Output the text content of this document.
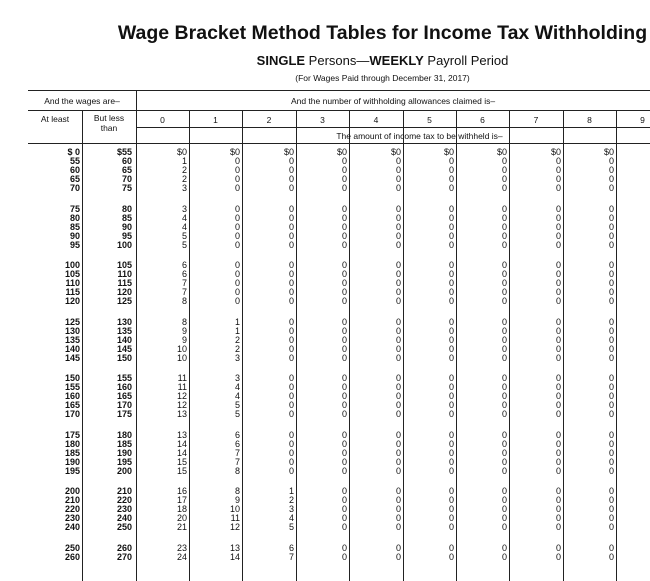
Wage Bracket Method Tables for Income Tax Withholding
SINGLE Persons—WEEKLY Payroll Period
(For Wages Paid through December 31, 2017)
And the wages are–	And the number of withholding allowances claimed is–
At least	But less
than
0	1	2	3	4	5	6	7	8	9
The amount of income tax to be withheld is–
$ 0	$55	$0	$0	$0	$0	$0	$0	$0	$0	$0
55	60	1	0	0	0	0	0	0	0	0
60	65	2	0	0	0	0	0	0	0	0
65	70	2	0	0	0	0	0	0	0	0
70	75	3	0	0	0	0	0	0	0	0
75	80	3	0	0	0	0	0	0	0	0
80	85	4	0	0	0	0	0	0	0	0
85	90	4	0	0	0	0	0	0	0	0
90	95	5	0	0	0	0	0	0	0	0
95	100	5	0	0	0	0	0	0	0	0
100	105	6	0	0	0	0	0	0	0	0
105	110	6	0	0	0	0	0	0	0	0
110	115	7	0	0	0	0	0	0	0	0
115	120	7	0	0	0	0	0	0	0	0
120	125	8	0	0	0	0	0	0	0	0
125	130	8	1	0	0	0	0	0	0	0
130	135	9	1	0	0	0	0	0	0	0
135	140	9	2	0	0	0	0	0	0	0
140	145	10	2	0	0	0	0	0	0	0
145	150	10	3	0	0	0	0	0	0	0
150	155	11	3	0	0	0	0	0	0	0
155	160	11	4	0	0	0	0	0	0	0
160	165	12	4	0	0	0	0	0	0	0
165	170	12	5	0	0	0	0	0	0	0
170	175	13	5	0	0	0	0	0	0	0
175	180	13	6	0	0	0	0	0	0	0
180	185	14	6	0	0	0	0	0	0	0
185	190	14	7	0	0	0	0	0	0	0
190	195	15	7	0	0	0	0	0	0	0
195	200	15	8	0	0	0	0	0	0	0
200	210	16	8	1	0	0	0	0	0	0
210	220	17	9	2	0	0	0	0	0	0
220	230	18	10	3	0	0	0	0	0	0
230	240	20	11	4	0	0	0	0	0	0
240	250	21	12	5	0	0	0	0	0	0
250	260	23	13	6	0	0	0	0	0	0
260	270	24	14	7	0	0	0	0	0	0
